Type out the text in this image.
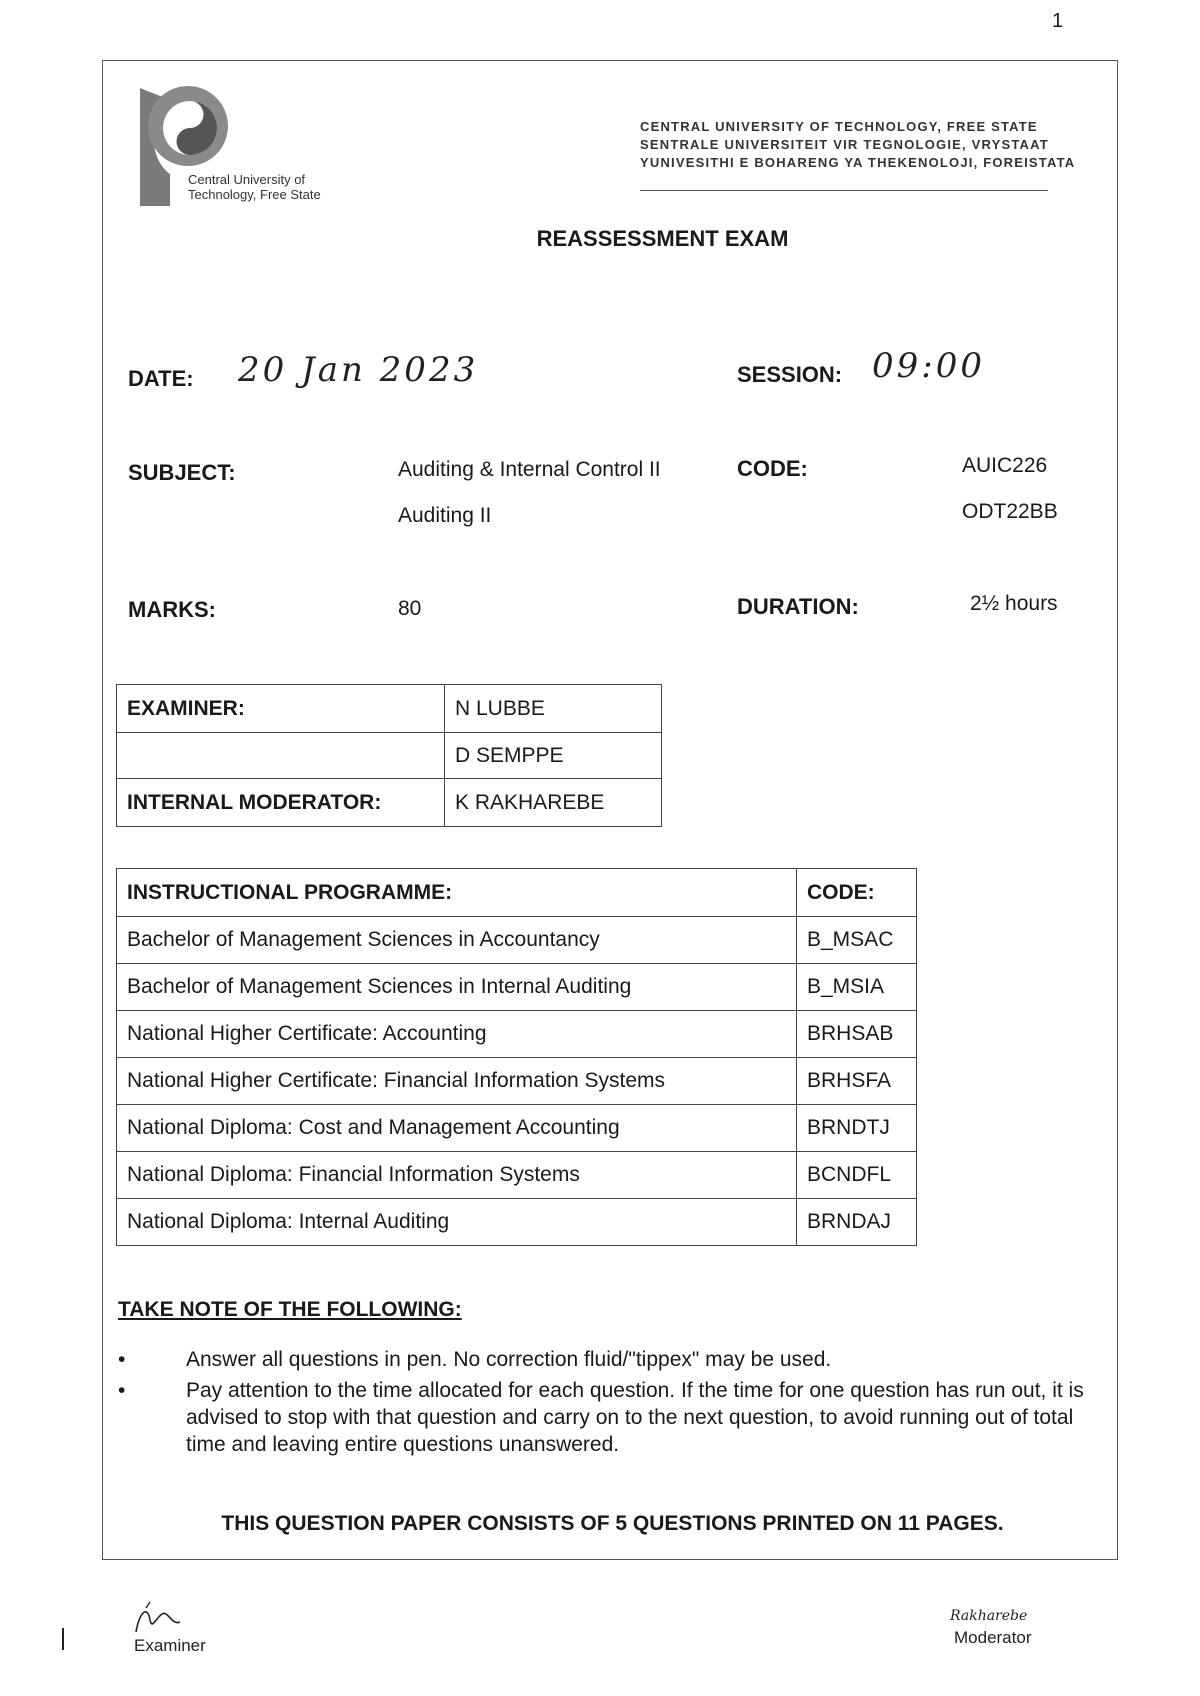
1
Central University of
Technology, Free State
CENTRAL UNIVERSITY OF TECHNOLOGY, FREE STATE
SENTRALE UNIVERSITEIT VIR TEGNOLOGIE, VRYSTAAT
YUNIVESITHI E BOHARENG YA THEKENOLOJI, FOREISTATA
REASSESSMENT EXAM
DATE: 20 Jan 2023	SESSION: 09:00
SUBJECT:	Auditing & Internal Control II
Auditing II
CODE:	AUIC226
ODT22BB
MARKS:	80	DURATION:	2½ hours
EXAMINER:	N LUBBE
	D SEMPPE
INTERNAL MODERATOR:	K RAKHAREBE
INSTRUCTIONAL PROGRAMME:	CODE:
Bachelor of Management Sciences in Accountancy	B_MSAC
Bachelor of Management Sciences in Internal Auditing	B_MSIA
National Higher Certificate: Accounting	BRHSAB
National Higher Certificate: Financial Information Systems	BRHSFA
National Diploma: Cost and Management Accounting	BRNDTJ
National Diploma: Financial Information Systems	BCNDFL
National Diploma: Internal Auditing	BRNDAJ
TAKE NOTE OF THE FOLLOWING:
•	Answer all questions in pen. No correction fluid/"tippex" may be used.
•	Pay attention to the time allocated for each question. If the time for one question has run out, it is advised to stop with that question and carry on to the next question, to avoid running out of total time and leaving entire questions unanswered.
THIS QUESTION PAPER CONSISTS OF 5 QUESTIONS PRINTED ON 11 PAGES.
Examiner
Rakharebe
Moderator
